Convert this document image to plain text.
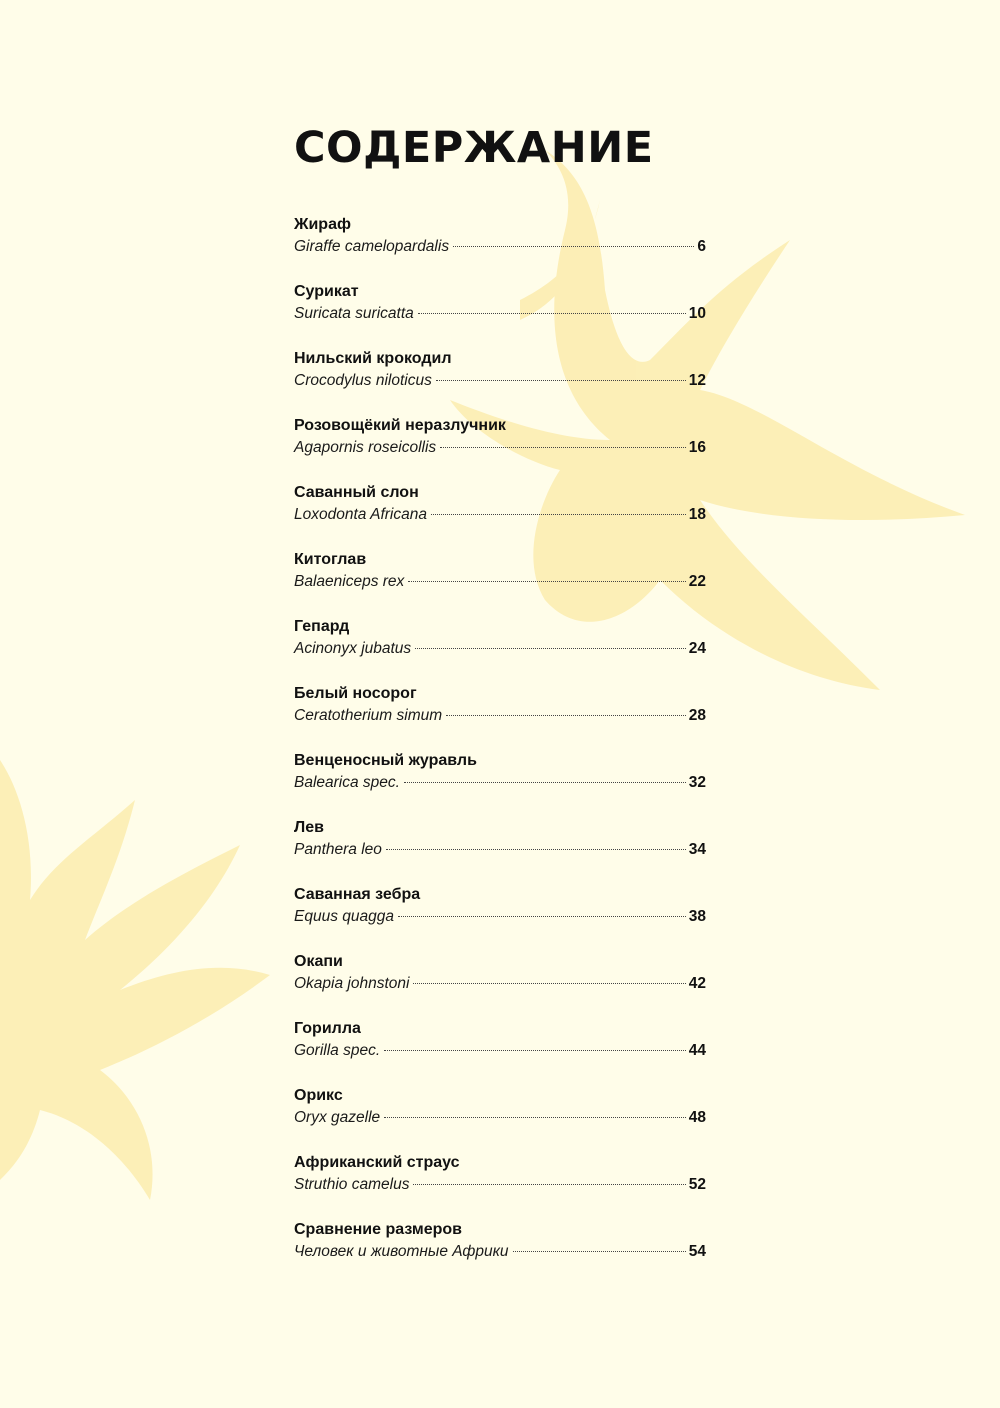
СОДЕРЖАНИЕ
Жираф
Giraffe camelopardalis	6
Сурикат
Suricata suricatta	10
Нильский крокодил
Crocodylus niloticus	12
Розовощёкий неразлучник
Agapornis roseicollis	16
Саванный слон
Loxodonta Africana	18
Китоглав
Balaeniceps rex	22
Гепард
Acinonyx jubatus	24
Белый носорог
Ceratotherium simum	28
Венценосный журавль
Balearica spec.	32
Лев
Panthera leo	34
Саванная зебра
Equus quagga	38
Окапи
Okapia johnstoni	42
Горилла
Gorilla spec.	44
Орикс
Oryx gazelle	48
Африканский страус
Struthio camelus	52
Сравнение размеров
Человек и животные Африки	54
